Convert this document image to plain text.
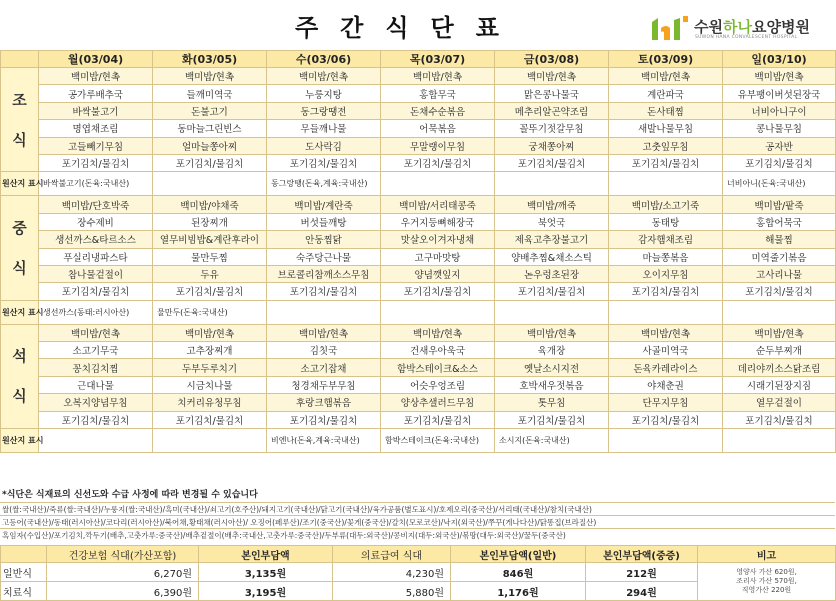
주간식단표	수원하나요양병원
SUWON HANA CONVALESCENT HOSPITAL
	월(03/04)	화(03/05)	수(03/06)	목(03/07)	금(03/08)	토(03/09)	일(03/10)

조
식	백미밥/현촉	백미밥/현촉	백미밥/현촉	백미밥/현촉	백미밥/현촉	백미밥/현촉	백미밥/현촉
	공가루배추국	들깨미역국	누룽지탕	홍합무국	맑은콩나물국	계란파국	유부팽이버섯된장국
	바싹불고기	돈불고기	동그랑땡전	돈채수순볶음	메추리알곤약조림	돈사태찜	너비아니구이
	명엽채조림	동마늘그린빈스	무들깨나물	어묵볶음	꼴뚜기젓갈무침	새발나물무침	콩나물무침
	고들빼기무침	얼마늘쫑아찌	도사락김	무말랭이무침	궁채쫑아찌	고춧잎무침	공자반
	포기김치/물김치	포기김치/물김치	포기김치/물김치	포기김치/물김치	포기김치/물김치	포기김치/물김치	포기김치/물김치
원산지 표시	바싹불고기(돈육:국내산)		동그랑땡(돈육,계육:국내산)				너비아니(돈육:국내산)

중
식	백미밥/단호박죽	백미밥/야채죽	백미밥/계란죽	백미밥/서리태콩죽	백미밥/깨죽	백미밥/소고기죽	백미밥/팥죽
	장수제비	된장찌개	버섯들깨탕	우거지등뼈해장국	북엇국	동태탕	홍합어묵국
	생선까스&타르소스	열무비빔밥&계란후라이	안동찜닭	맛살오이겨자냉채	제육고추장불고기	감자햄채조림	해물찜
	푸실리냉파스타	물만두찜	숙주당근나물	고구마맛탕	양배추찜&채소스틱	마늘쫑볶음	미역줄기볶음
	참나물겉절이	두유	브로콜리참깨소스무침	양념깻잎지	논우렁초된장	오이지무침	고사리나물
	포기김치/물김치	포기김치/물김치	포기김치/물김치	포기김치/물김치	포기김치/물김치	포기김치/물김치	포기김치/물김치
원산지 표시	생선까스(동태:러시아산)	물만두(돈육:국내산)					

석
식	백미밥/현촉	백미밥/현촉	백미밥/현촉	백미밥/현촉	백미밥/현촉	백미밥/현촉	백미밥/현촉
	소고기무국	고추장찌개	김칫국	건새우아욱국	육개장	사골미역국	순두부찌개
	꽁치김치찜	두부두루치기	소고기잡채	함박스테이크&소스	옛날소시지전	돈육카레라이스	데리야끼소스닭조림
	근대나물	시금치나물	청경채두부무침	어슷우엉조림	호박새우젓볶음	야채춘권	시래기된장지짐
	오복지양념무침	치커리유청무침	후랑크햄볶음	양상추샐러드무침	톳무침	단무지무침	열무겉절이
	포기김치/물김치	포기김치/물김치	포기김치/물김치	포기김치/물김치	포기김치/물김치	포기김치/물김치	포기김치/물김치
원산지 표시			비엔나(돈육,계육:국내산)	함박스테이크(돈육:국내산)	소시지(돈육:국내산)		
*식단은 식재료의 신선도와 수급 사정에 따라 변경될 수 있습니다
쌀(쌀:국내산)/죽류(쌀:국내산)/누룽지(쌀:국내산)/흑미(국내산)/쇠고기(호주산)/돼지고기(국내산)/닭고기(국내산)/육가공품(별도표시)/호제오리(중국산)/서리태(국내산)/참치(국내산)
고등어(국내산)/동태(러시아산)/코다리(러시아산)/북어채,황태채(러시아산)/ 오징어(페루산)/조기(중국산)/꽃게(중국산)/갈치(모로코산)/낙지(외국산)/쭈꾸(게나다산)/닭똥집(브라질산)
흑임자(수입산)/포기김치,깍두기(배추,고춧가루:중국산)/배추겉절이(배추:국내산,고춧가루:중국산)/두부류(대두:외국산)/콩비지(대두:외국산)/볶땅(대두:외국산)/꿀두(중국산)
	건강보험 식대(가산포함)	본인부담액	의료급여 식대	본인부담액(일반)	본인부담액(중증)	비고
일반식	6,270원	3,135원	4,230원	846원	212원	영양사 가산 620원,
조리사 가산 570원,
직영가산 220원

치료식	6,390원	3,195원	5,880원	1,176원	294원	
